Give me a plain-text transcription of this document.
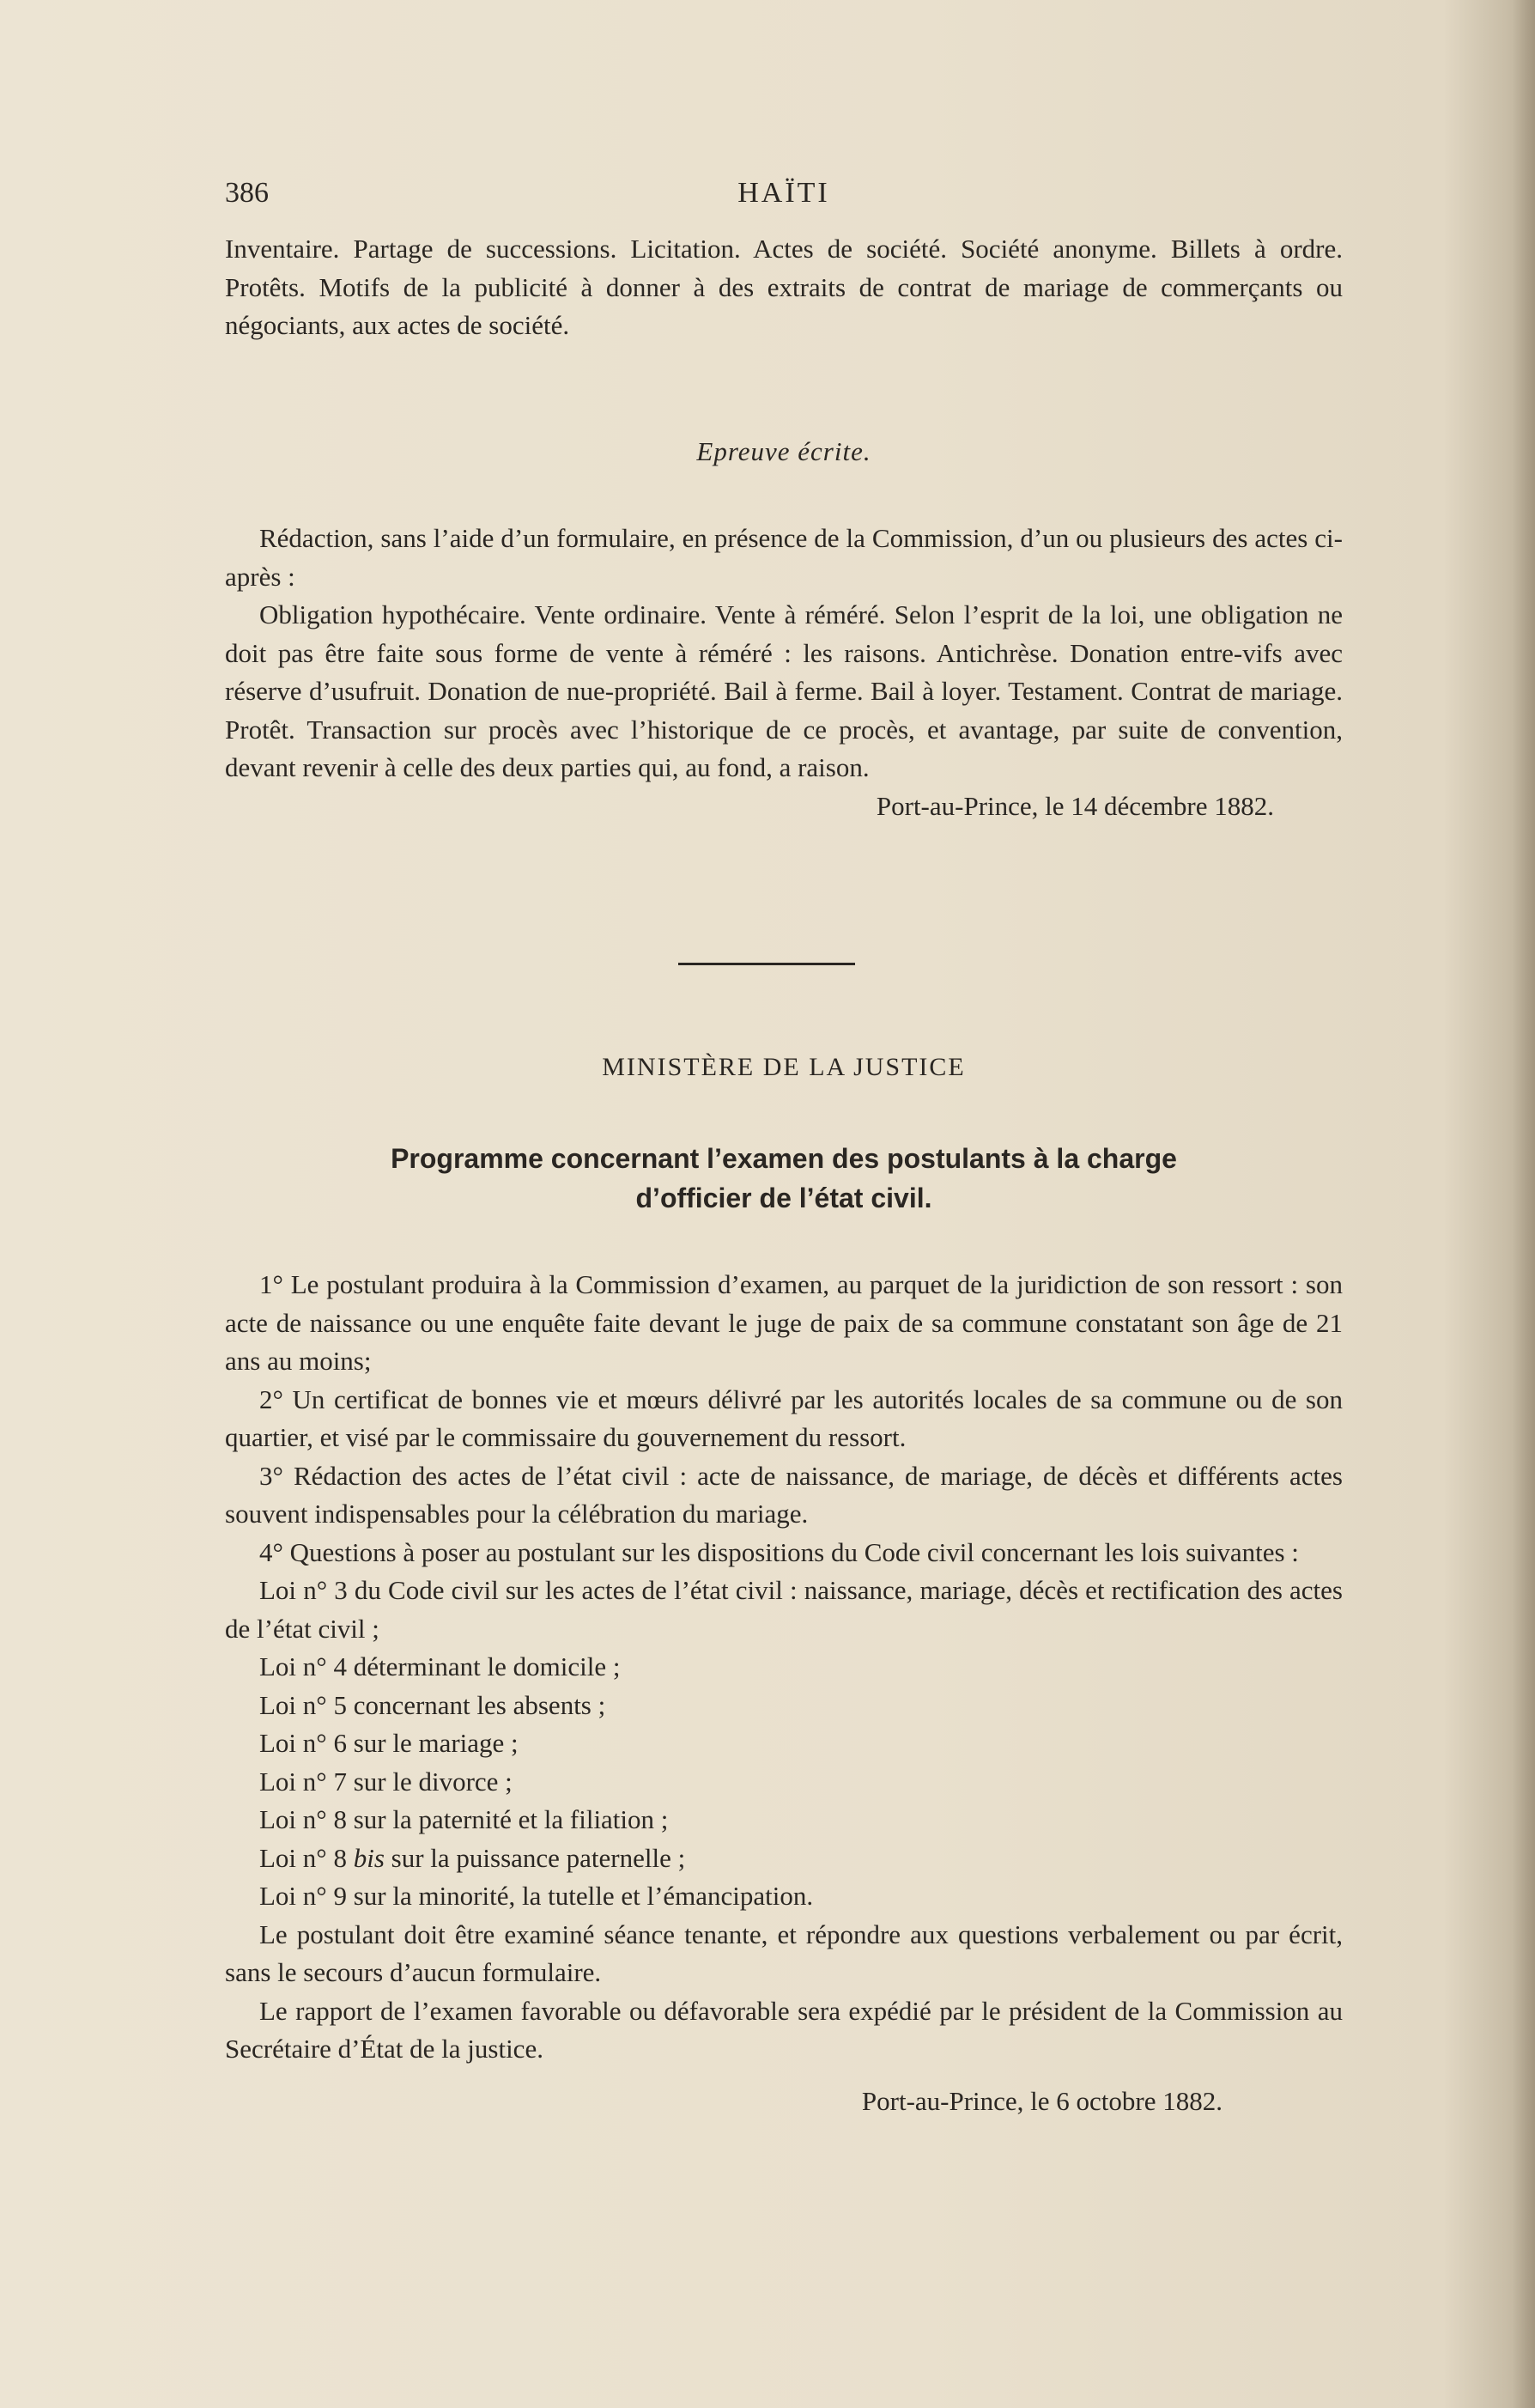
386	HAÏTI

Inventaire. Partage de successions. Licitation. Actes de société. Société anonyme. Billets à ordre. Protêts. Motifs de la publicité à donner à des extraits de contrat de mariage de commerçants ou négociants, aux actes de société.

Epreuve écrite.

Rédaction, sans l’aide d’un formulaire, en présence de la Commission, d’un ou plusieurs des actes ci-après :

Obligation hypothécaire. Vente ordinaire. Vente à réméré. Selon l’esprit de la loi, une obligation ne doit pas être faite sous forme de vente à réméré : les raisons. Antichrèse. Donation entre-vifs avec réserve d’usufruit. Donation de nue-propriété. Bail à ferme. Bail à loyer. Testament. Contrat de mariage. Protêt. Transaction sur procès avec l’historique de ce procès, et avantage, par suite de convention, devant revenir à celle des deux parties qui, au fond, a raison.

Port-au-Prince, le 14 décembre 1882.

MINISTÈRE DE LA JUSTICE
Programme concernant l’examen des postulants à la charge
d’officier de l’état civil.

1° Le postulant produira à la Commission d’examen, au parquet de la juridiction de son ressort : son acte de naissance ou une enquête faite devant le juge de paix de sa commune constatant son âge de 21 ans au moins;

2° Un certificat de bonnes vie et mœurs délivré par les autorités locales de sa commune ou de son quartier, et visé par le commissaire du gouvernement du ressort.

3° Rédaction des actes de l’état civil : acte de naissance, de mariage, de décès et différents actes souvent indispensables pour la célébration du mariage.

4° Questions à poser au postulant sur les dispositions du Code civil concernant les lois suivantes :

Loi n° 3 du Code civil sur les actes de l’état civil : naissance, mariage, décès et rectification des actes de l’état civil ;

Loi n° 4 déterminant le domicile ;

Loi n° 5 concernant les absents ;

Loi n° 6 sur le mariage ;

Loi n° 7 sur le divorce ;

Loi n° 8 sur la paternité et la filiation ;

Loi n° 8 bis sur la puissance paternelle ;

Loi n° 9 sur la minorité, la tutelle et l’émancipation.

Le postulant doit être examiné séance tenante, et répondre aux questions verbalement ou par écrit, sans le secours d’aucun formulaire.

Le rapport de l’examen favorable ou défavorable sera expédié par le président de la Commission au Secrétaire d’État de la justice.

Port-au-Prince, le 6 octobre 1882.
